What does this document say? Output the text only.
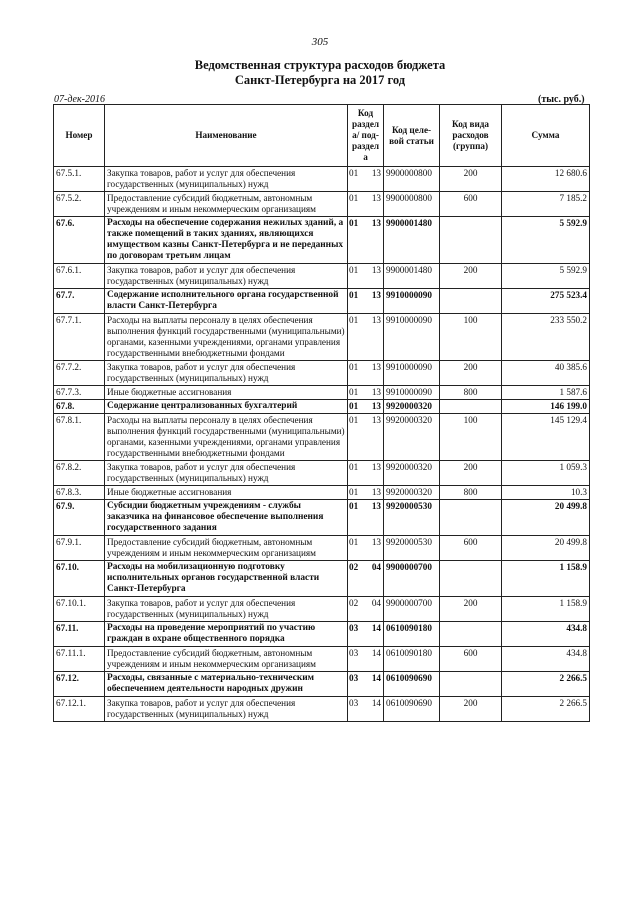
305
Ведомственная структура расходов бюджета
Санкт-Петербурга на 2017 год
07-дек-2016	(тыс. руб.)
Номер	Наименование	Код раздела/ под- раздела		Код целе- вой статьи	Код вида расходов (группа)	Сумма
67.5.1.	Закупка товаров, работ и услуг для обеспечения государственных (муниципальных) нужд	01	13	9900000800	200	12 680.6
67.5.2.	Предоставление субсидий бюджетным, автономным учреждениям и иным некоммерческим организациям	01	13	9900000800	600	7 185.2
67.6.	Расходы на обеспечение содержания нежилых зданий, а также помещений в таких зданиях, являющихся имуществом казны Санкт-Петербурга и не переданных по договорам третьим лицам	01	13	9900001480		5 592.9
67.6.1.	Закупка товаров, работ и услуг для обеспечения государственных (муниципальных) нужд	01	13	9900001480	200	5 592.9
67.7.	Содержание исполнительного органа государственной власти Санкт-Петербурга	01	13	9910000090		275 523.4
67.7.1.	Расходы на выплаты персоналу в целях обеспечения выполнения функций государственными (муниципальными) органами, казенными учреждениями, органами управления государственными внебюджетными фондами	01	13	9910000090	100	233 550.2
67.7.2.	Закупка товаров, работ и услуг для обеспечения государственных (муниципальных) нужд	01	13	9910000090	200	40 385.6
67.7.3.	Иные бюджетные ассигнования	01	13	9910000090	800	1 587.6
67.8.	Содержание централизованных бухгалтерий	01	13	9920000320		146 199.0
67.8.1.	Расходы на выплаты персоналу в целях обеспечения выполнения функций государственными (муниципальными) органами, казенными учреждениями, органами управления государственными внебюджетными фондами	01	13	9920000320	100	145 129.4
67.8.2.	Закупка товаров, работ и услуг для обеспечения государственных (муниципальных) нужд	01	13	9920000320	200	1 059.3
67.8.3.	Иные бюджетные ассигнования	01	13	9920000320	800	10.3
67.9.	Субсидии бюджетным учреждениям - службы заказчика на финансовое обеспечение выполнения государственного задания	01	13	9920000530		20 499.8
67.9.1.	Предоставление субсидий бюджетным, автономным учреждениям и иным некоммерческим организациям	01	13	9920000530	600	20 499.8
67.10.	Расходы на мобилизационную подготовку исполнительных органов государственной власти Санкт-Петербурга	02	04	9900000700		1 158.9
67.10.1.	Закупка товаров, работ и услуг для обеспечения государственных (муниципальных) нужд	02	04	9900000700	200	1 158.9
67.11.	Расходы на проведение мероприятий по участию граждан в охране общественного порядка	03	14	0610090180		434.8
67.11.1.	Предоставление субсидий бюджетным, автономным учреждениям и иным некоммерческим организациям	03	14	0610090180	600	434.8
67.12.	Расходы, связанные с материально-техническим обеспечением деятельности народных дружин	03	14	0610090690		2 266.5
67.12.1.	Закупка товаров, работ и услуг для обеспечения государственных (муниципальных) нужд	03	14	0610090690	200	2 266.5
